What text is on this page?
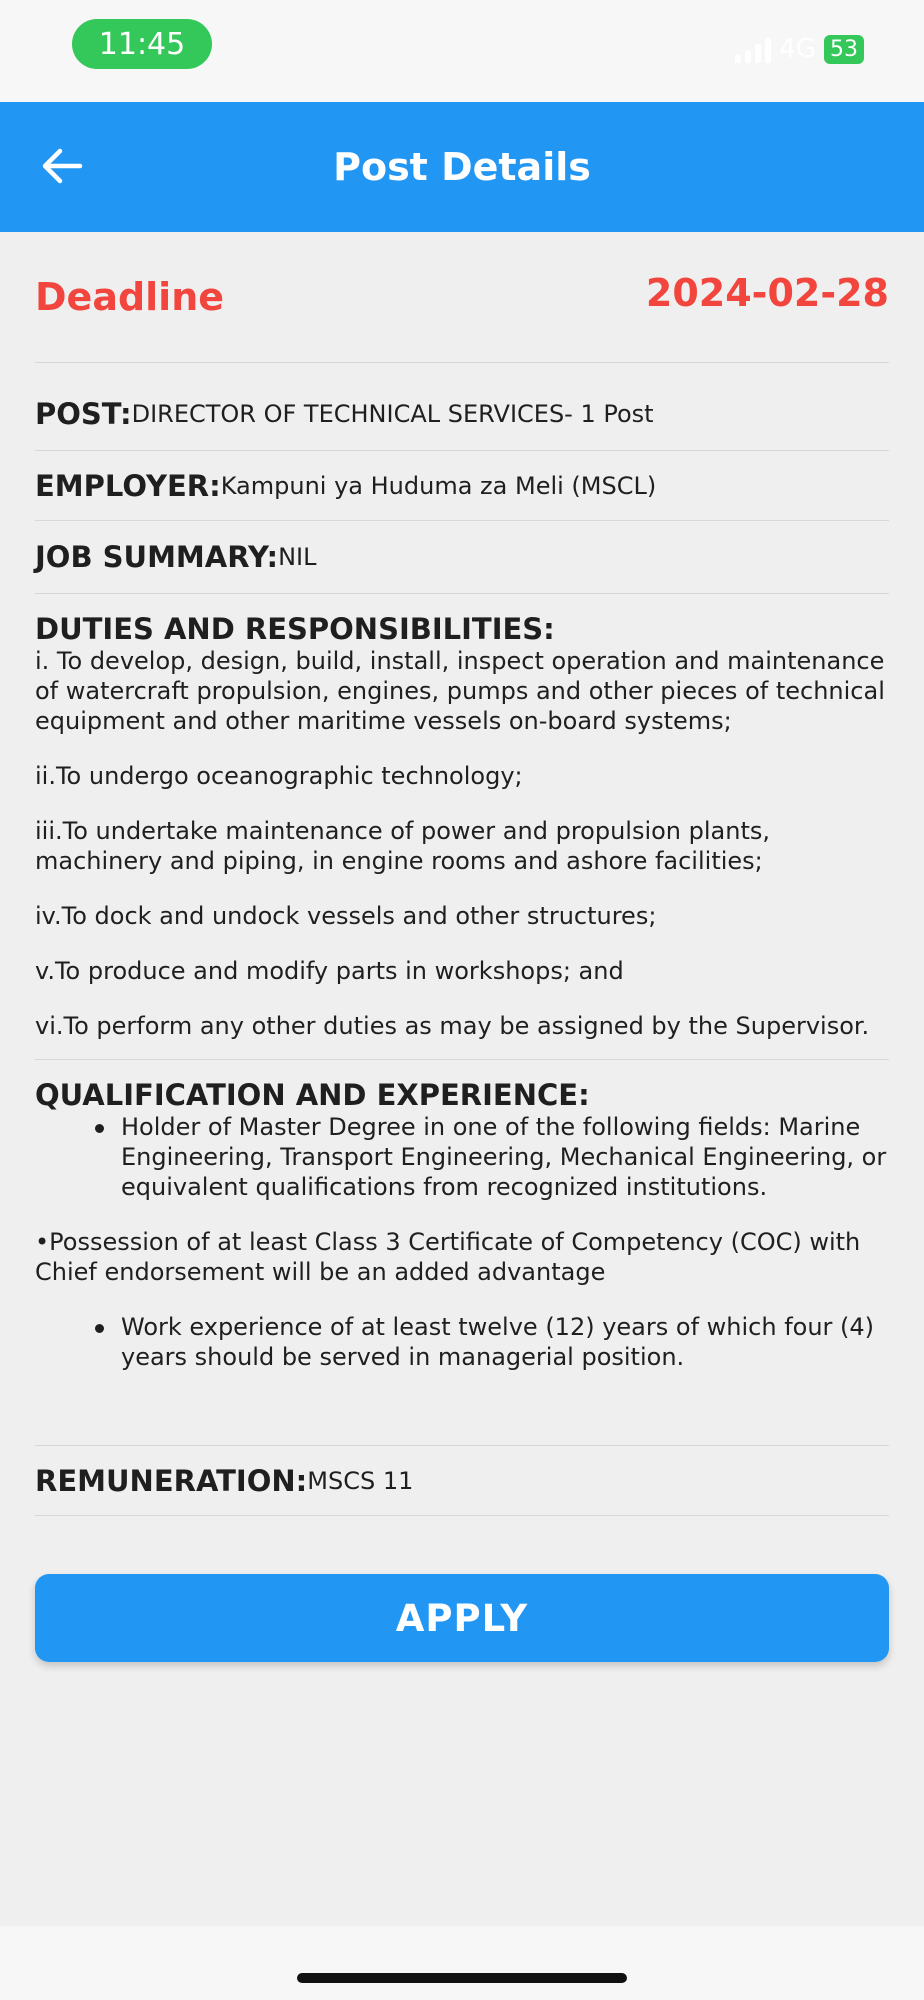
11:45	4G 53
Post Details
Deadline	2024-02-28
POST: DIRECTOR OF TECHNICAL SERVICES- 1 Post
EMPLOYER: Kampuni ya Huduma za Meli (MSCL)
JOB SUMMARY: NIL
DUTIES AND RESPONSIBILITIES:

i. To develop, design, build, install, inspect operation and maintenance of watercraft propulsion, engines, pumps and other pieces of technical equipment and other maritime vessels on-board systems;

ii.To undergo oceanographic technology;

iii.To undertake maintenance of power and propulsion plants, machinery and piping, in engine rooms and ashore facilities;

iv.To dock and undock vessels and other structures;

v.To produce and modify parts in workshops; and

vi.To perform any other duties as may be assigned by the Supervisor.

QUALIFICATION AND EXPERIENCE:
Holder of Master Degree in one of the following fields: Marine Engineering, Transport Engineering, Mechanical Engineering, or equivalent qualifications from recognized institutions.

•Possession of at least Class 3 Certificate of Competency (COC) with Chief endorsement will be an added advantage

Work experience of at least twelve (12) years of which four (4) years should be served in managerial position.
REMUNERATION: MSCS 11
APPLY
